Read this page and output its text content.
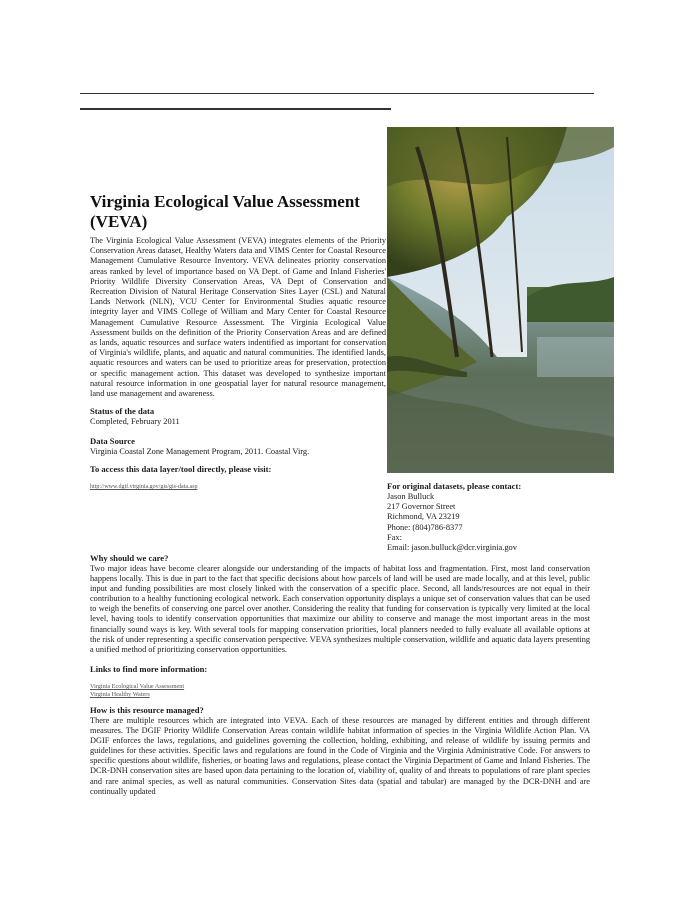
Virginia Ecological Value Assessment (VEVA)

The Virginia Ecological Value Assessment (VEVA) integrates elements of the Priority Conservation Areas dataset, Healthy Waters data and VIMS Center for Coastal Resource Management Cumulative Resource Inventory. VEVA delineates priority conservation areas ranked by level of importance based on VA Dept. of Game and Inland Fisheries' Priority Wildlife Diversity Conservation Areas, VA Dept of Conservation and Recreation Division of Natural Heritage Conservation Sites Layer (CSL) and Natural Lands Network (NLN), VCU Center for Environmental Studies aquatic resource integrity layer and VIMS College of William and Mary Center for Coastal Resource Management Cumulative Resource Assessment. The Virginia Ecological Value Assessment builds on the definition of the Priority Conservation Areas and are defined as lands, aquatic resources and surface waters indentified as important for conservation of Virginia's wildlife, plants, and aquatic and natural communities. The identified lands, aquatic resources and waters can be used to prioritize areas for preservation, protection or specific management action. This dataset was developed to synthesize important natural resource information in one geospatial layer for natural resource management, land use management and awareness.

Status of the data
Completed, February 2011
Data Source
Virginia Coastal Zone Management Program, 2011. Coastal Virg.
To access this data layer/tool directly, please visit:
http://www.dgif.virginia.gov/gis/gis-data.asp	For original datasets, please contact:
Jason Bulluck
217 Governor Street
Richmond, VA 23219
Phone: (804)786-8377
Fax:
Email: jason.bulluck@dcr.virginia.gov
Why should we care?

Two major ideas have become clearer alongside our understanding of the impacts of habitat loss and fragmentation. First, most land conservation happens locally. This is due in part to the fact that specific decisions about how parcels of land will be used are made locally, and at this level, public input and funding possibilities are most closely linked with the conservation of a specific place. Second, all lands/resources are not equal in their contribution to a healthy functioning ecological network. Each conservation opportunity displays a unique set of conservation values that can be used to weigh the benefits of conserving one parcel over another. Considering the reality that funding for conservation is typically very limited at the local level, having tools to identify conservation opportunities that maximize our ability to conserve and manage the most important areas in the most financially sound ways is key. With several tools for mapping conservation priorities, local planners needed to fully evaluate all available options at the risk of under representing a specific conservation perspective. VEVA synthesizes multiple conservation, wildlife and aquatic data layers presenting a unified method of prioritizing conservation opportunities.

Links to find more information:
Virginia Ecological Value Assessment
Virginia Healthy Waters
How is this resource managed?

There are multiple resources which are integrated into VEVA. Each of these resources are managed by different entities and through different measures. The DGIF Priority Wildlife Conservation Areas contain wildlife habitat information of species in the Virginia Wildlife Action Plan. VA DGIF enforces the laws, regulations, and guidelines governing the collection, holding, exhibiting, and release of wildlife by issuing permits and guidelines for these activities. Specific laws and regulations are found in the Code of Virginia and the Virginia Administrative Code. For answers to specific questions about wildlife, fisheries, or boating laws and regulations, please contact the Virginia Department of Game and Inland Fisheries. The DCR-DNH conservation sites are based upon data pertaining to the location of, viability of, quality of and threats to populations of rare plant species and rare animal species, as well as natural communities. Conservation Sites data (spatial and tabular) are managed by the DCR-DNH and are continually updated
